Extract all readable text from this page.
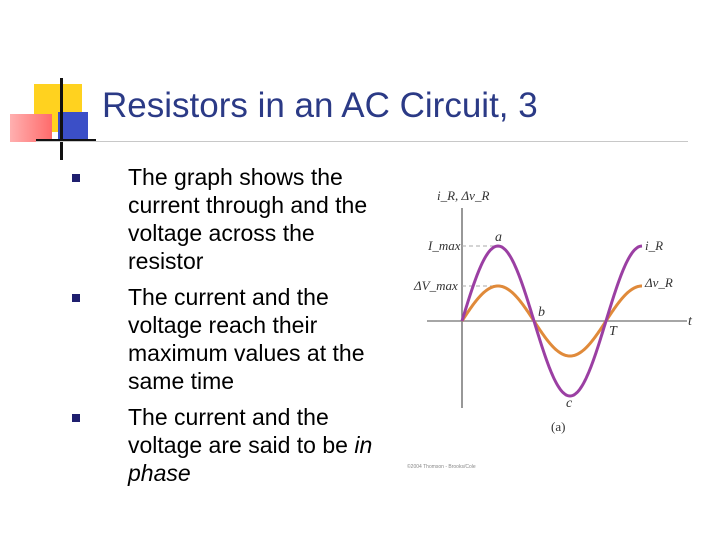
Resistors in an AC Circuit, 3
The graph shows the current through and the voltage across the resistor
The current and the voltage reach their maximum values at the same time
The current and the voltage are said to be in phase
i_R, Δv_R
t
I_max
ΔV_max
a
b
c
T
i_R
Δv_R
(a)
©2004 Thomson - Brooks/Cole
